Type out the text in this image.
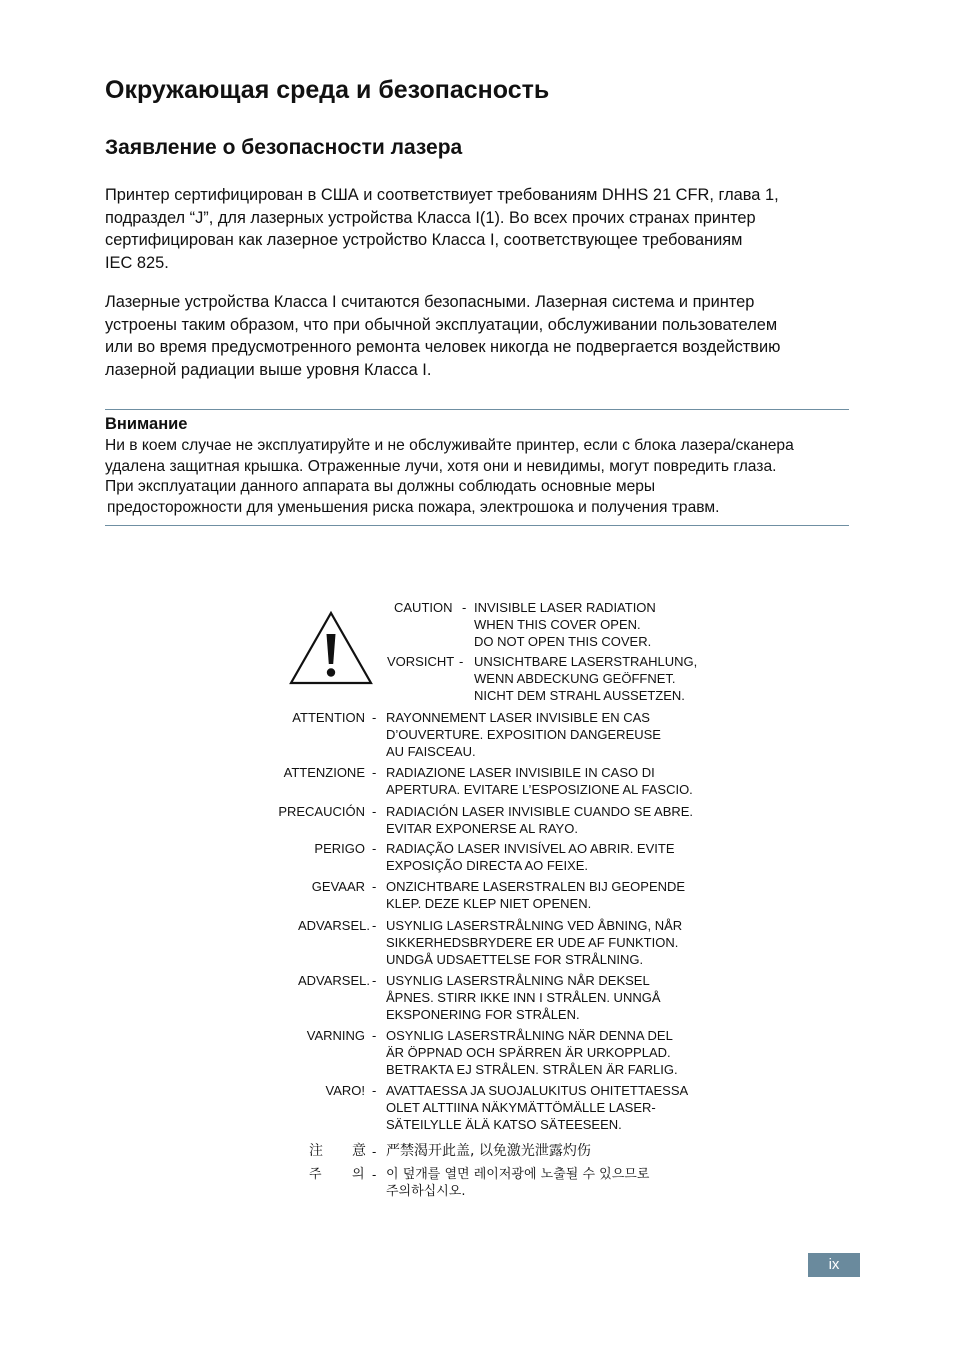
Окружающая среда и безопасность
Заявление о безопасности лазера
Принтер сертифицирован в США и соответствиует требованиям DHHS 21 CFR, глава 1,
подраздел “J”, для лазерных устройства Класса I(1). Во всех прочих странах принтер
сертифицирован как лазерное устройство Класса I, соответствующее требованиям
IEC 825.
Лазерные устройства Класса I считаются безопасными. Лазерная система и принтер
устроены таким образом, что при обычной эксплуатации, обслуживании пользователем
или во время предусмотренного ремонта человек никогда не подвергается воздействию
лазерной радиации выше уровня Класса I.
Внимание
Ни в коем случае не эксплуатируйте и не обслуживайте принтер, если с блока лазера/сканера
удалена защитная крышка. Отраженные лучи, хотя они и невидимы, могут повредить глаза.
При эксплуатации данного аппарата вы должны соблюдать основные меры
предосторожности для уменьшения риска пожара, электрошока и получения травм.
CAUTION - INVISIBLE LASER RADIATION
WHEN THIS COVER OPEN.
DO NOT OPEN THIS COVER.
VORSICHT - UNSICHTBARE LASERSTRAHLUNG,
WENN ABDECKUNG GEÖFFNET.
NICHT DEM STRAHL AUSSETZEN.
ATTENTION - RAYONNEMENT LASER INVISIBLE EN CAS
D’OUVERTURE. EXPOSITION DANGEREUSE
AU FAISCEAU.
ATTENZIONE - RADIAZIONE LASER INVISIBILE IN CASO DI
APERTURA. EVITARE L’ESPOSIZIONE AL FASCIO.
PRECAUCIÓN - RADIACIÓN LASER INVISIBLE CUANDO SE ABRE.
EVITAR EXPONERSE AL RAYO.
PERIGO - RADIAÇÃO LASER INVISÍVEL AO ABRIR. EVITE
EXPOSIÇÃO DIRECTA AO FEIXE.
GEVAAR - ONZICHTBARE LASERSTRALEN BIJ GEOPENDE
KLEP. DEZE KLEP NIET OPENEN.
ADVARSEL. - USYNLIG LASERSTRÅLNING VED ÅBNING, NÅR
SIKKERHEDSBRYDERE ER UDE AF FUNKTION.
UNDGÅ UDSAETTELSE FOR STRÅLNING.
ADVARSEL. - USYNLIG LASERSTRÅLNING NÅR DEKSEL
ÅPNES. STIRR IKKE INN I STRÅLEN. UNNGÅ
EKSPONERING FOR STRÅLEN.
VARNING - OSYNLIG LASERSTRÅLNING NÄR DENNA DEL
ÄR ÖPPNAD OCH SPÄRREN ÄR URKOPPLAD.
BETRAKTA EJ STRÅLEN. STRÅLEN ÄR FARLIG.
VARO! - AVATTAESSA JA SUOJALUKITUS OHITETTAESSA
OLET ALTTIINA NÄKYMÄTTÖMÄLLE LASER-
SÄTEILYLLE ÄLÄ KATSO SÄTEESEEN.
注 意 - 严禁渴开此盖, 以免激光泄露灼伤
주 의 - 이 덮개를 열면 레이저광에 노출될 수 있으므로
주의하십시오.
ix
